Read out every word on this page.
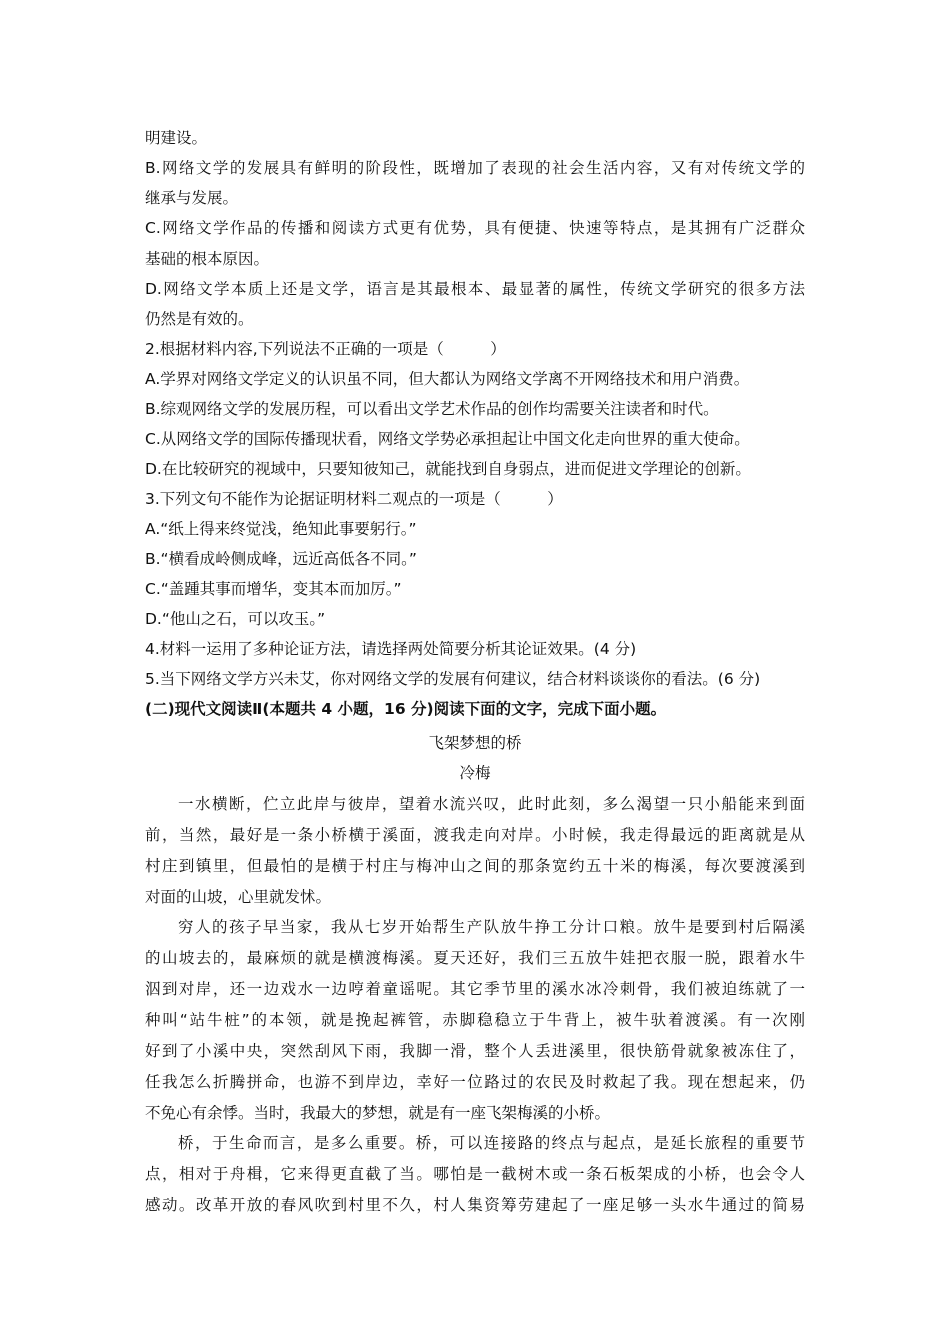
明建设。
B.网络文学的发展具有鲜明的阶段性，既增加了表现的社会生活内容，又有对传统文学的
继承与发展。
C.网络文学作品的传播和阅读方式更有优势，具有便捷、快速等特点，是其拥有广泛群众
基础的根本原因。
D.网络文学本质上还是文学，语言是其最根本、最显著的属性，传统文学研究的很多方法
仍然是有效的。
2.根据材料内容,下列说法不正确的一项是（　　　）
A.学界对网络文学定义的认识虽不同，但大都认为网络文学离不开网络技术和用户消费。
B.综观网络文学的发展历程，可以看出文学艺术作品的创作均需要关注读者和时代。
C.从网络文学的国际传播现状看，网络文学势必承担起让中国文化走向世界的重大使命。
D.在比较研究的视域中，只要知彼知己，就能找到自身弱点，进而促进文学理论的创新。
3.下列文句不能作为论据证明材料二观点的一项是（　　　）
A.“纸上得来终觉浅，绝知此事要躬行。”
B.“横看成岭侧成峰，远近高低各不同。”
C.“盖踵其事而增华，变其本而加厉。”
D.“他山之石，可以攻玉。”
4.材料一运用了多种论证方法，请选择两处简要分析其论证效果。(4 分)
5.当下网络文学方兴未艾，你对网络文学的发展有何建议，结合材料谈谈你的看法。(6 分)
(二)现代文阅读Ⅱ(本题共 4 小题，16 分)阅读下面的文字，完成下面小题。
飞架梦想的桥
冷梅
一水横断，伫立此岸与彼岸，望着水流兴叹，此时此刻，多么渴望一只小船能来到面
前，当然，最好是一条小桥横于溪面，渡我走向对岸。小时候，我走得最远的距离就是从
村庄到镇里，但最怕的是横于村庄与梅冲山之间的那条宽约五十米的梅溪，每次要渡溪到
对面的山坡，心里就发怵。
穷人的孩子早当家，我从七岁开始帮生产队放牛挣工分计口粮。放牛是要到村后隔溪
的山坡去的，最麻烦的就是横渡梅溪。夏天还好，我们三五放牛娃把衣服一脱，跟着水牛
泅到对岸，还一边戏水一边哼着童谣呢。其它季节里的溪水冰冷刺骨，我们被迫练就了一
种叫“站牛桩”的本领，就是挽起裤管，赤脚稳稳立于牛背上，被牛驮着渡溪。有一次刚
好到了小溪中央，突然刮风下雨，我脚一滑，整个人丢进溪里，很快筋骨就象被冻住了，
任我怎么折腾拼命，也游不到岸边，幸好一位路过的农民及时救起了我。现在想起来，仍
不免心有余悸。当时，我最大的梦想，就是有一座飞架梅溪的小桥。
桥，于生命而言，是多么重要。桥，可以连接路的终点与起点，是延长旅程的重要节
点，相对于舟楫，它来得更直截了当。哪怕是一截树木或一条石板架成的小桥，也会令人
感动。改革开放的春风吹到村里不久，村人集资筹劳建起了一座足够一头水牛通过的简易
